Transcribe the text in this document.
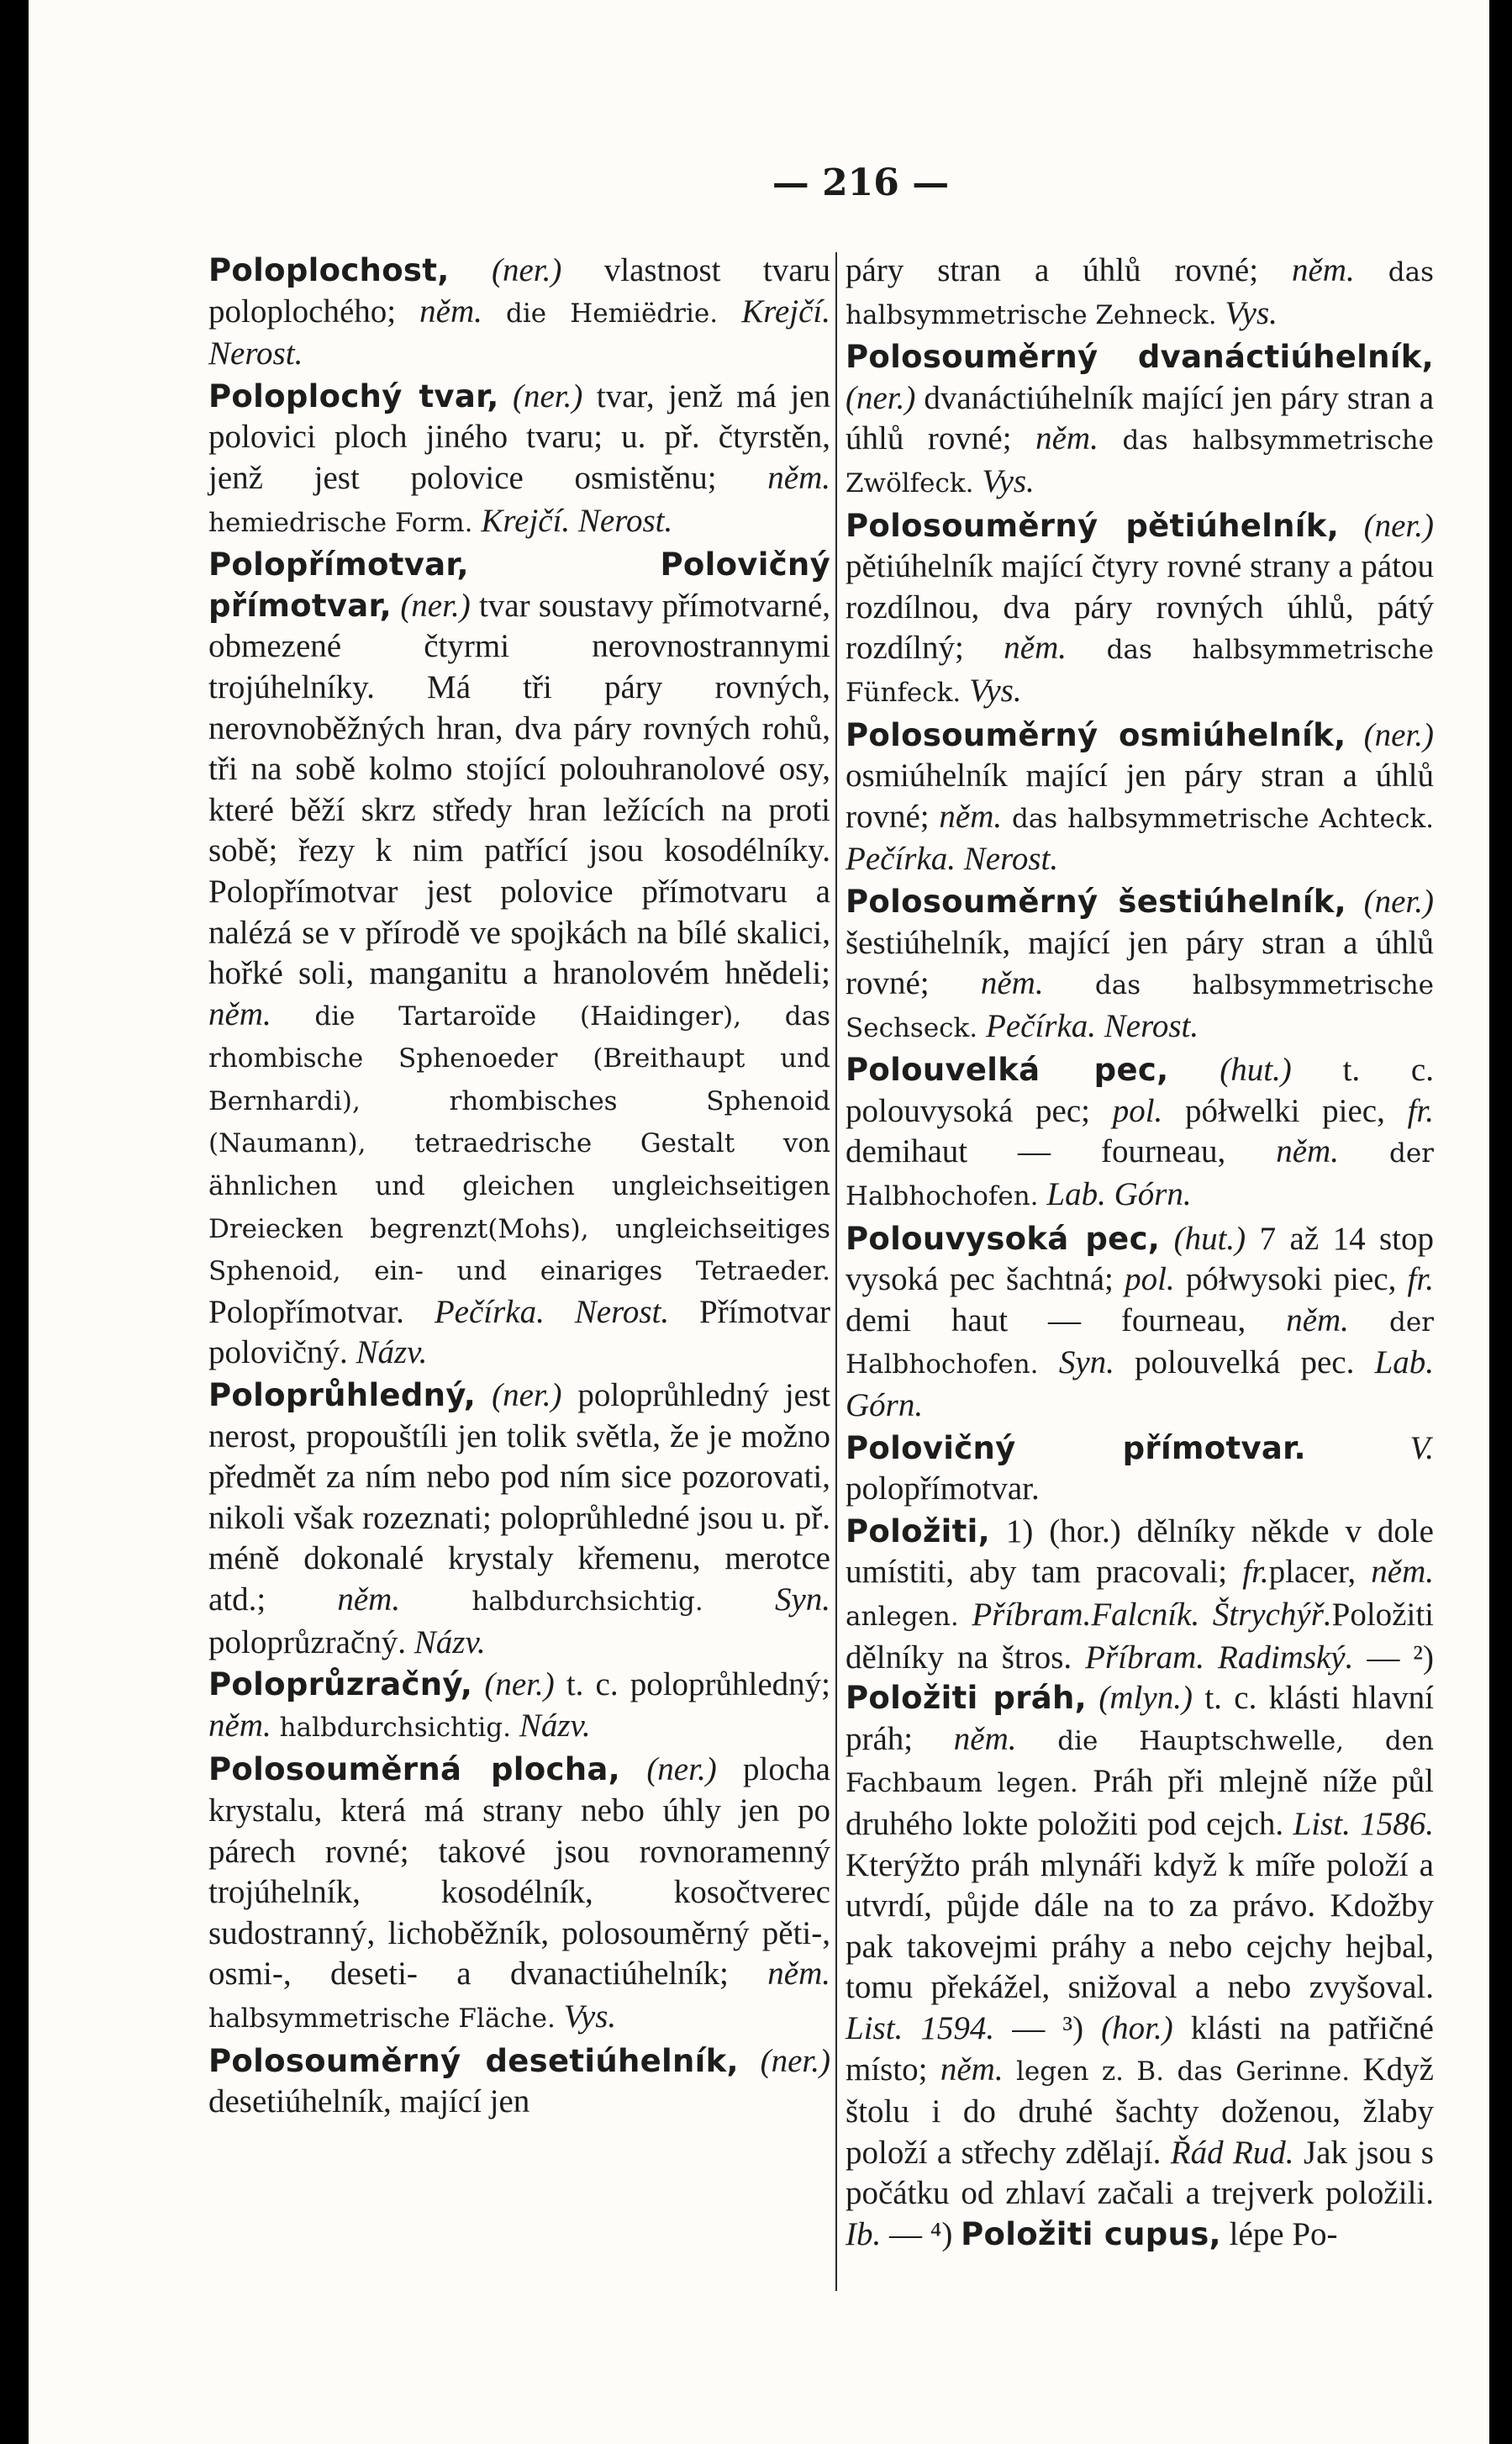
— 216 —

Poloplochost, (ner.) vlastnost tvaru poloplochého; něm. die Hemiëdrie. Krejčí. Nerost.

Poloplochý tvar, (ner.) tvar, jenž má jen polovici ploch jiného tvaru; u. př. čtyrstěn, jenž jest polovice osmistěnu; něm. hemiedrische Form. Krejčí. Nerost.

Polopřímotvar, Polovičný přímotvar, (ner.) tvar soustavy přímotvarné, obmezené čtyrmi nerovnostrannymi trojúhelníky. Má tři páry rovných, nerovnoběžných hran, dva páry rovných rohů, tři na sobě kolmo stojící polouhranolové osy, které běží skrz středy hran ležících na proti sobě; řezy k nim patřící jsou kosodélníky. Polopřímotvar jest polovice přímotvaru a nalézá se v přírodě ve spojkách na bílé skalici, hořké soli, manganitu a hranolovém hnědeli; něm. die Tartaroïde (Haidinger), das rhombische Sphenoeder (Breithaupt und Bernhardi), rhombisches Sphenoid (Naumann), tetraedrische Gestalt von ähnlichen und gleichen ungleichseitigen Dreiecken begrenzt(Mohs), ungleichseitiges Sphenoid, ein- und einariges Tetraeder. Polopřímotvar. Pečírka. Nerost. Přímotvar polovičný. Názv.

Poloprůhledný, (ner.) poloprůhledný jest nerost, propouštíli jen tolik světla, že je možno předmět za ním nebo pod ním sice pozorovati, nikoli však rozeznati; poloprůhledné jsou u. př. méně dokonalé krystaly křemenu, merotce atd.; něm. halbdurchsichtig. Syn. poloprůzračný. Názv.

Poloprůzračný, (ner.) t. c. poloprůhledný; něm. halbdurchsichtig. Názv.

Polosouměrná plocha, (ner.) plocha krystalu, která má strany nebo úhly jen po párech rovné; takové jsou rovnoramenný trojúhelník, kosodélník, kosočtverec sudostranný, lichoběžník, polosouměrný pěti-, osmi-, deseti- a dvanactiúhelník; něm. halbsymmetrische Fläche. Vys.

Polosouměrný desetiúhelník, (ner.) desetiúhelník, mající jen

páry stran a úhlů rovné; něm. das halbsymmetrische Zehneck. Vys.

Polosouměrný dvanáctiúhelník, (ner.) dvanáctiúhelník mající jen páry stran a úhlů rovné; něm. das halbsymmetrische Zwölfeck. Vys.

Polosouměrný pětiúhelník, (ner.) pětiúhelník mající čtyry rovné strany a pátou rozdílnou, dva páry rovných úhlů, pátý rozdílný; něm. das halbsymmetrische Fünfeck. Vys.

Polosouměrný osmiúhelník, (ner.) osmiúhelník mající jen páry stran a úhlů rovné; něm. das halbsymmetrische Achteck. Pečírka. Nerost.

Polosouměrný šestiúhelník, (ner.) šestiúhelník, mající jen páry stran a úhlů rovné; něm. das halbsymmetrische Sechseck. Pečírka. Nerost.

Polouvelká pec, (hut.) t. c. polouvysoká pec; pol. półwelki piec, fr. demihaut — fourneau, něm. der Halbhochofen. Lab. Górn.

Polouvysoká pec, (hut.) 7 až 14 stop vysoká pec šachtná; pol. półwysoki piec, fr. demi haut — fourneau, něm. der Halbhochofen. Syn. polouvelká pec. Lab. Górn.

Polovičný přímotvar.	V. polopřímotvar.

Položiti, 1) (hor.) dělníky někde v dole umístiti, aby tam pracovali; fr.placer, něm. anlegen. Příbram.Falcník. Štrychýř.Položiti dělníky na štros. Příbram. Radimský. — ²) Položiti práh, (mlyn.) t. c. klásti hlavní práh; něm. die Hauptschwelle, den Fachbaum legen. Práh při mlejně níže půl druhého lokte položiti pod cejch. List. 1586. Kterýžto práh mlynáři když k míře položí a utvrdí, půjde dále na to za právo. Kdožby pak takovejmi práhy a nebo cejchy hejbal, tomu překážel, snižoval a nebo zvyšoval. List. 1594. — ³) (hor.) klásti na patřičné místo; něm. legen z. B. das Gerinne. Když štolu i do druhé šachty doženou, žlaby položí a střechy zdělají. Řád Rud. Jak jsou s počátku od zhlaví začali a trejverk položili. Ib. — ⁴) Položiti cupus, lépe Po-
